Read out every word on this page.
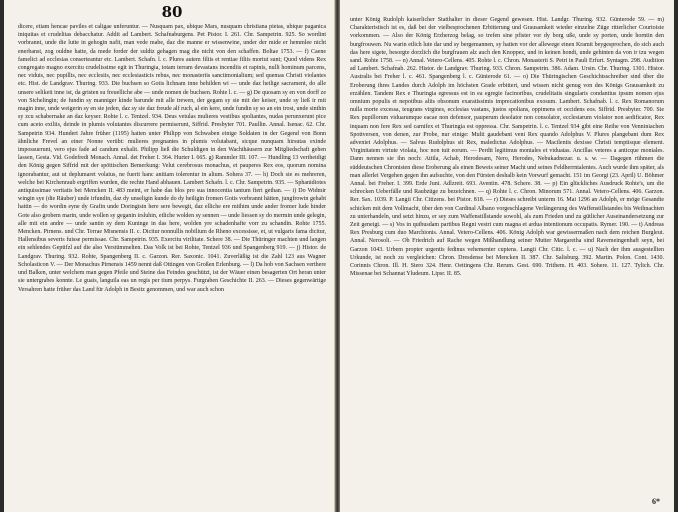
80

dicere, etiam hencae paviles et caligae unferuntur. — Nusquam pax, ubique Mars, nusquam christiana pietas, ubique paganica iniquitas et crudelitas debacchatur. Addit ad Lambert. Schafnaburgens. Pet Pistor. I. 261. Chr. Sampetrin. 925. So wordint vorbrannt, unde die lutte in gehogin nafit, man vede mabe, daz die manne er wissenwine, under der mide er hemmlee nicht enerbanst, zog ouldne hatte, da mede forder der suldtz gehagen mag die nicht von den schaffen. Boltae 1753. — f) Caene famelici ad ecclesias conserteantur etc. Lambert. Schafn. l. c. Plures autem filiis et rentiae filiis mortui sunt; Quod videns Rex congregato magno exercitu crudelissime egit in Thuringia, totam terram devastans incendiis et rapinis, nulli hominum parcens, nec viduis, nec pupillis, nec ecclesiis, nec ecclesiasticis rebus, nec monasteriis sanctimonialium; sed quemas Christi violantes etc. Hist. de Landgrav. Thuring. 933. Die buchsen so Gotis lichnam inne behilden wi — unde daz heilige sacrament, do alle unsere selikeit inne ist, da gristen su freuelliche abe — unde nomen de buchsen. Rohte l. c. — g) De quosam sy en von dorff ze von Sichelingin; de fundin sy manniger kinde barunde mit alle trewen, der gegam sy sie mit der keiser, unde sy ließ ir mit magin inne, unde weigerin sy en sie jeden, daz sy sie daz freude alf ruch, al ein kere, unde fundin sy so an ein trost, unde sinthin sy zcu schabernake an daz keyser. Rohte l. c. Tentzel. 934. Deus vetulas mulieres vestibus spoliantes, nudas perunxerunt pice cum aceto exiliis, deinde in plumis volutantes discurrere permiserunt, Siffrid. Presbyter 701. Paullin. Annal. Isenac. 62. Chr. Sampetrin 934. Hundert Jahre früher (1195) hatten unter Philipp von Schwaben einige Soldaten in der Gegend von Bonn ähnliche Frevel an einer Nonne verübt: mulieres pregnantes in plumis volutabant, sicque nunquam hirsutas exinde impossuerunt, vero ejus fade ad candum exhalit. Philipp ließ die Schuldigen in den Wachthäusern zur Mitgliedschaft gehen lassen, Gesta. Vid. Godefredi Monach. Annal. det Freher I. 364. Hurter I. 665. g) Rammler III. 107. — Hundling 13 vertheidigt den König gegen Siffrid mit der spöttischen Bemerkung: Velut cerebrosus monachus, et pauperes Rex eos, quorum nomina ignorabantur, aut ut deplumaret volatus, ne fuerit hanc anitiam tolerentur in alium. Sohera 37. — h) Doch sie es mehreren, welche bei Kirchenraub ergriffen wurden, die rechte Hand abhauen. Lambert Schafn. l. c. Chr. Sampetrin. 935. — Sphanidiotes antiquissimae veritatis bei Mencken II. 483 meint, er habe das blos pro sua innocentia tantum fieri gethan. — i) Do Widmir wingin sye (die Räuber) unde irfundin, daz dy unseligin kunde do dy heiligin fromen Gotis vorbrannt hätten, jungfrowin gehabt hattin — do wordin eyne dy Grafin unde Doringisin here sere bewegit, daz elliche ere mithim unde ander fromer lude hinder Gote also grobem marin, unde wollen sy geganin irsluhin, etliche wolden sy sennen — unde liessen sy do mermin unde gelegin, alle mit ein andre — unde santin sy dem Kuninge in das here, wolden yre schadenhafte vorr zu schandin. Rohte 1755. Mencken. Pirnens. und Chr. Terrae Misnensis II. c. Dicitur nonnullis nobilium de Rheno excessisse, et, ut vulgaris fama dicitur, Hallensibus severis fuisse permissae. Chr. Sampetrin. 935. Exercitu virilitate. Schere 38. — Die Thüringer machten und langen ein sehlendes Gepttfzl auf die also Verstümmelten. Das Volk ist bei Rohte, Tentzel 936 und Spangenberg 919. — j) Histor. de Landgrav. Thuring. 932. Rohte, Spangenberg II. c. Garzon. Rer. Saxonic. 1041. Zuverläßig ist die Zahl 123 aus Wagner Scholasticon V. — Der Monachus Pirnensis 1459 nennt daß Ottingen von Großen Erlenburg. — l) Da hob von Sachsen verthere und Balken, unter welchem man gegen Pfeile und Steine das Feindes geschützt, ist der Wäuer einen besagerten Ort heran unter sie untergrabes konnte. Le guais, languila eas un regis per tium perpys. Furgraben Geschichte II. 263. — Dieses gegenwärtige Versahren hatte früher das Land für Adolph in Besitz genommen, und war auch schon

unter König Rudolph kaiserlicher Statthalter in dieser Gegend gewesen. Hist. Landgr. Thuring. 932. Günterode 59. — m) Charakteristisch ist es, daß bei der vielbesprochenen Erbitterung und Grausamkeit wieder einzelne Züge ritterlicher Courtoisie vorkommen. — Also der König Erzherzog belag, so trefen sine pfister vor dy borg uße, unde sy porten, unde horntin den burgfrouwen. Nu warin etlich lute dar und sy bergemannen, sy hatten vor der allewege einen Kramit beygesprochen, do sich auch das here sigete, besorgte dorzlich die burgfrauen alz auch den Knoppez, und in keinen hondt, unde gehinten da von ir tzu wegen sand. Rohte 1758. — n) Annal. Vetero-Cellens. 405. Rohte l. c. Chron. Monasterii S. Petri in Pauli Erfurt. Syntagm. 298. Audition ad Lambert. Schafnab. 262. Histor. de Landgrav. Thuring. 933. Chron. Sampetrin. 386. Adam. Ursin. Chr. Thuring. 1301. Histor. Australis bei Freher l. c. 461. Spangenberg l. c. Günterode 61. — o) Die Thüringischen Geschichtsschreiber sind über die Eroberung ihres Landes durch Adolph im höchsten Grade erbittert, und wissen nicht genug von des Königs Grausamkeit zu erzählen. Tandem Rex e Thuringia egressus est in ea egregie facinoribus, crudelitatis singularis condantius ipsum nomen ejus omnium populis et nepotibus aliis obsonum exaratissimis imprecationibus exosum. Lambert. Schafnab. l. c. Rex Romanorum nulla morte excessa, teugrans virgines, ecclesias vastans, justos spolians, oppimens et occidens eos. Siffrid. Presbyter. 700. Sie Rex pupillorum viduarumque eacae non defensor, pauperum desolator non consolator, ecclesiarum violator non aedificator, Rex inquam non fere Rex sed carnifex et Thuringia est oppressa. Chr. Sampetrin. l. c. Tentzel 934 gibt eine Reihe von Venniniachen Spottversen, von denen, zur Probe, nur einige: Multi gaudebant veni Rex quando Adolphus V. Plures plangebant dum Rex adveniet Adolphus. — Salvus Rudolphus sit Rex, maledictus Adolphus. — Macilentis dexisse Christi temptisque element. Virginitatem virtute violata, hoc non tuit eorum. — Perdit legitimus moniales et viduatas. Ancillas veteres a anticque moniales. Dann nennen sie ihn noch: Attila, Achab, Herodesam, Nero, Herodes, Nebukadnezar. u. s. w. — Dagegen rühmen die süddeutschen Chronisten diese Eroberung als einen Beweis seiner Macht und seines Feldherrntalentes. Auch wurde ihm später, als man allerlei Vergehen gegen ihn aufsuchte, von den Fürsten deshalb kein Vorwurf gemacht. 151 im Georgi (23. April) U. Böhmer Annal. bei Freher. I. 399. Erde Juni. Adlzreit. 693. Aventin. 478. Schere. 38. — p) Ein glückliches Ausdruck Rohte's, um die schrecken Ueberfälle und Raubzüge zu bezeichnen. — q) Rohte l. c. Chron. Minorum 571. Annal. Vetero-Cellens. 406. Garzon. Rer. Sax. 1039. P. Langii Chr. Citizens. bei Pistor. 818. — r) Dieses schreibt unterm 16. Mai 1296 an Adolph, er möge Gesandte schicken mit dem Vollmacht, über den von Cardinal Albano vorgeschlagene Verlängerung des Waffenstillstandes bis Weihnachten zu unterhandeln, und setzt hinzu, er sey zum Waffenstillstande sowohl, als zum Frieden und zu gütlicher Auseinandersetzung zur Zeit geneigt. — s) Vos in quibusdam partibus Regni vestri cum magna et ardua intentionum occupatis. Rymer. 190. — t) Andreas Rex Presburg cum duo Marchionis. Annal. Vetero-Cellens. 406. König Adolph war gewissermaßen nach dem reichen Burgleut. Annal. Nerosoli. — Ob Friedrich auf Rache wegen Mißhandlung seiner Mutter Margaretha sind Ravemeingenhaft seyn, bei Garzon 1043. Urbem propter urgentis fedinus vehementer cupiens. Langii Chr. Citic. l. c. — u) Nach der ihm ausgestellten Urkunde, ist noch zu vergleichen: Chron. Dresdense bei Mencken II. 387. Chr. Salisburg. 392. Martin. Polon. Cont. 1430. Corinnis Chron. Ill. H. Stero 324. Henr. Oettingens Chr. Rerum. Gest. 690. Trithem. H. 403. Sohere. 11. 127. Tylich. Chr. Missenae bei Schannat Yludeum. Lipsr. II. 85.

6*
